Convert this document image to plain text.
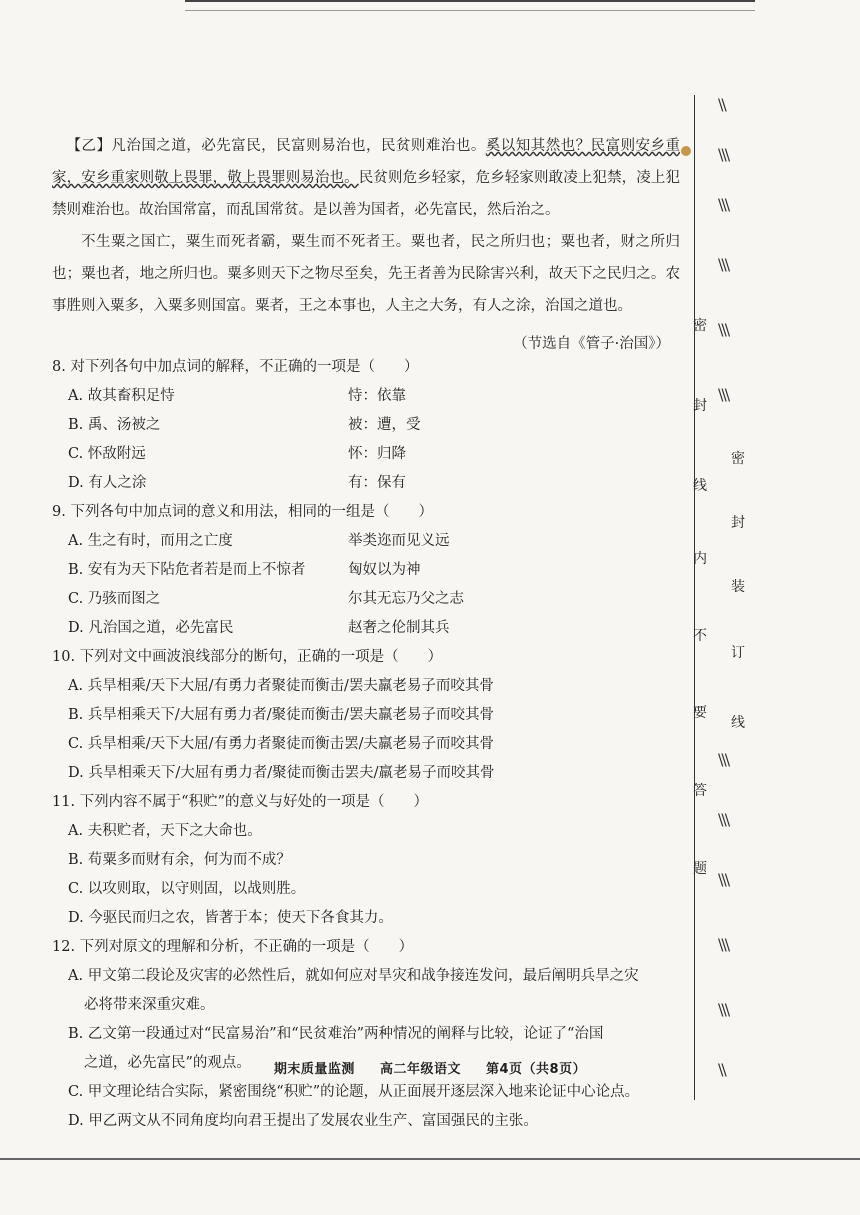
【乙】凡治国之道，必先富民，民富则易治也，民贫则难治也。奚以知其然也？民富则安乡重家，安乡重家则敬上畏罪，敬上畏罪则易治也。民贫则危乡轻家，危乡轻家则敢凌上犯禁，凌上犯禁则难治也。故治国常富，而乱国常贫。是以善为国者，必先富民，然后治之。

不生粟之国亡，粟生而死者霸，粟生而不死者王。粟也者，民之所归也；粟也者，财之所归也；粟也者，地之所归也。粟多则天下之物尽至矣，先王者善为民除害兴利，故天下之民归之。农事胜则入粟多，入粟多则国富。粟者，王之本事也，人主之大务，有人之涂，治国之道也。

（节选自《管子·治国》）

8. 对下列各句中加点词的解释，不正确的一项是（　　）

A. 故其畜积足恃	恃：依靠
B. 禹、汤被之	被：遭，受
C. 怀敌附远	怀：归降
D. 有人之涂	有：保有

9. 下列各句中加点词的意义和用法，相同的一组是（　　）

A. 生之有时，而用之亡度	举类迩而见义远
B. 安有为天下阽危者若是而上不惊者	匈奴以为神
C. 乃骇而图之	尔其无忘乃父之志
D. 凡治国之道，必先富民	赵奢之伦制其兵

10. 下列对文中画波浪线部分的断句，正确的一项是（　　）

A. 兵旱相乘/天下大屈/有勇力者聚徒而衡击/罢夫羸老易子而咬其骨

B. 兵旱相乘天下/大屈有勇力者/聚徒而衡击/罢夫羸老易子而咬其骨

C. 兵旱相乘/天下大屈/有勇力者聚徒而衡击罢/夫羸老易子而咬其骨

D. 兵旱相乘天下/大屈有勇力者/聚徒而衡击罢夫/羸老易子而咬其骨

11. 下列内容不属于“积贮”的意义与好处的一项是（　　）

A. 夫积贮者，天下之大命也。

B. 苟粟多而财有余，何为而不成？

C. 以攻则取，以守则固，以战则胜。

D. 今驱民而归之农，皆著于本；使天下各食其力。

12. 下列对原文的理解和分析，不正确的一项是（　　）

A. 甲文第二段论及灾害的必然性后，就如何应对旱灾和战争接连发问，最后阐明兵旱之灾
必将带来深重灾难。

B. 乙文第一段通过对“民富易治”和“民贫难治”两种情况的阐释与比较，论证了“治国
之道，必先富民”的观点。

C. 甲文理论结合实际，紧密围绕“积贮”的论题，从正面展开逐层深入地来论证中心论点。

D. 甲乙两文从不同角度均向君王提出了发展农业生产、富国强民的主张。

期末质量监测 高二年级语文 第4页（共8页）
密
封
线
内
不
要
答
题
密
封
装
订
线
\\
\\\
\\\
\\\
\\\
\\\
\\\
\\\
\\\
\\\
\\\
\\
